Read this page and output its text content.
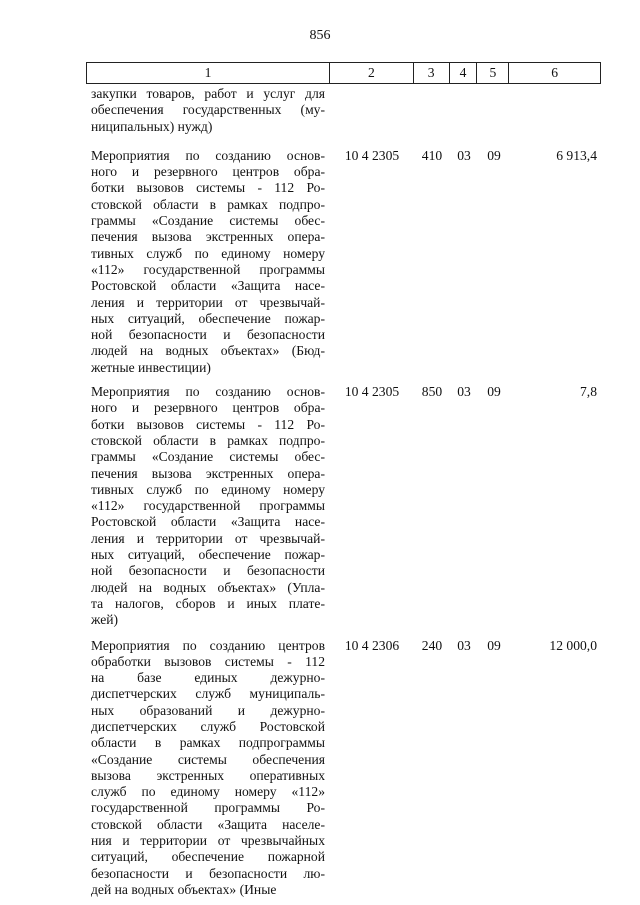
856
1	2	3	4	5	6
закупки товаров, работ и услуг для
обеспечения государственных (му-
ниципальных) нужд)
Мероприятия по созданию основ-
ного и резервного центров обра-
ботки вызовов системы - 112 Ро-
стовской области в рамках подпро-
граммы «Создание системы обес-
печения вызова экстренных опера-
тивных служб по единому номеру
«112» государственной программы
Ростовской области «Защита насе-
ления и территории от чрезвычай-
ных ситуаций, обеспечение пожар-
ной безопасности и безопасности
людей на водных объектах» (Бюд-
жетные инвестиции)
10 4 2305	410	03	09	6 913,4
Мероприятия по созданию основ-
ного и резервного центров обра-
ботки вызовов системы - 112 Ро-
стовской области в рамках подпро-
граммы «Создание системы обес-
печения вызова экстренных опера-
тивных служб по единому номеру
«112» государственной программы
Ростовской области «Защита насе-
ления и территории от чрезвычай-
ных ситуаций, обеспечение пожар-
ной безопасности и безопасности
людей на водных объектах» (Упла-
та налогов, сборов и иных плате-
жей)
10 4 2305	850	03	09	7,8
Мероприятия по созданию центров
обработки вызовов системы - 112
на базе единых дежурно-
диспетчерских служб муниципаль-
ных образований и дежурно-
диспетчерских служб Ростовской
области в рамках подпрограммы
«Создание системы обеспечения
вызова экстренных оперативных
служб по единому номеру «112»
государственной программы Ро-
стовской области «Защита населе-
ния и территории от чрезвычайных
ситуаций, обеспечение пожарной
безопасности и безопасности лю-
дей на водных объектах» (Иные
10 4 2306	240	03	09	12 000,0
